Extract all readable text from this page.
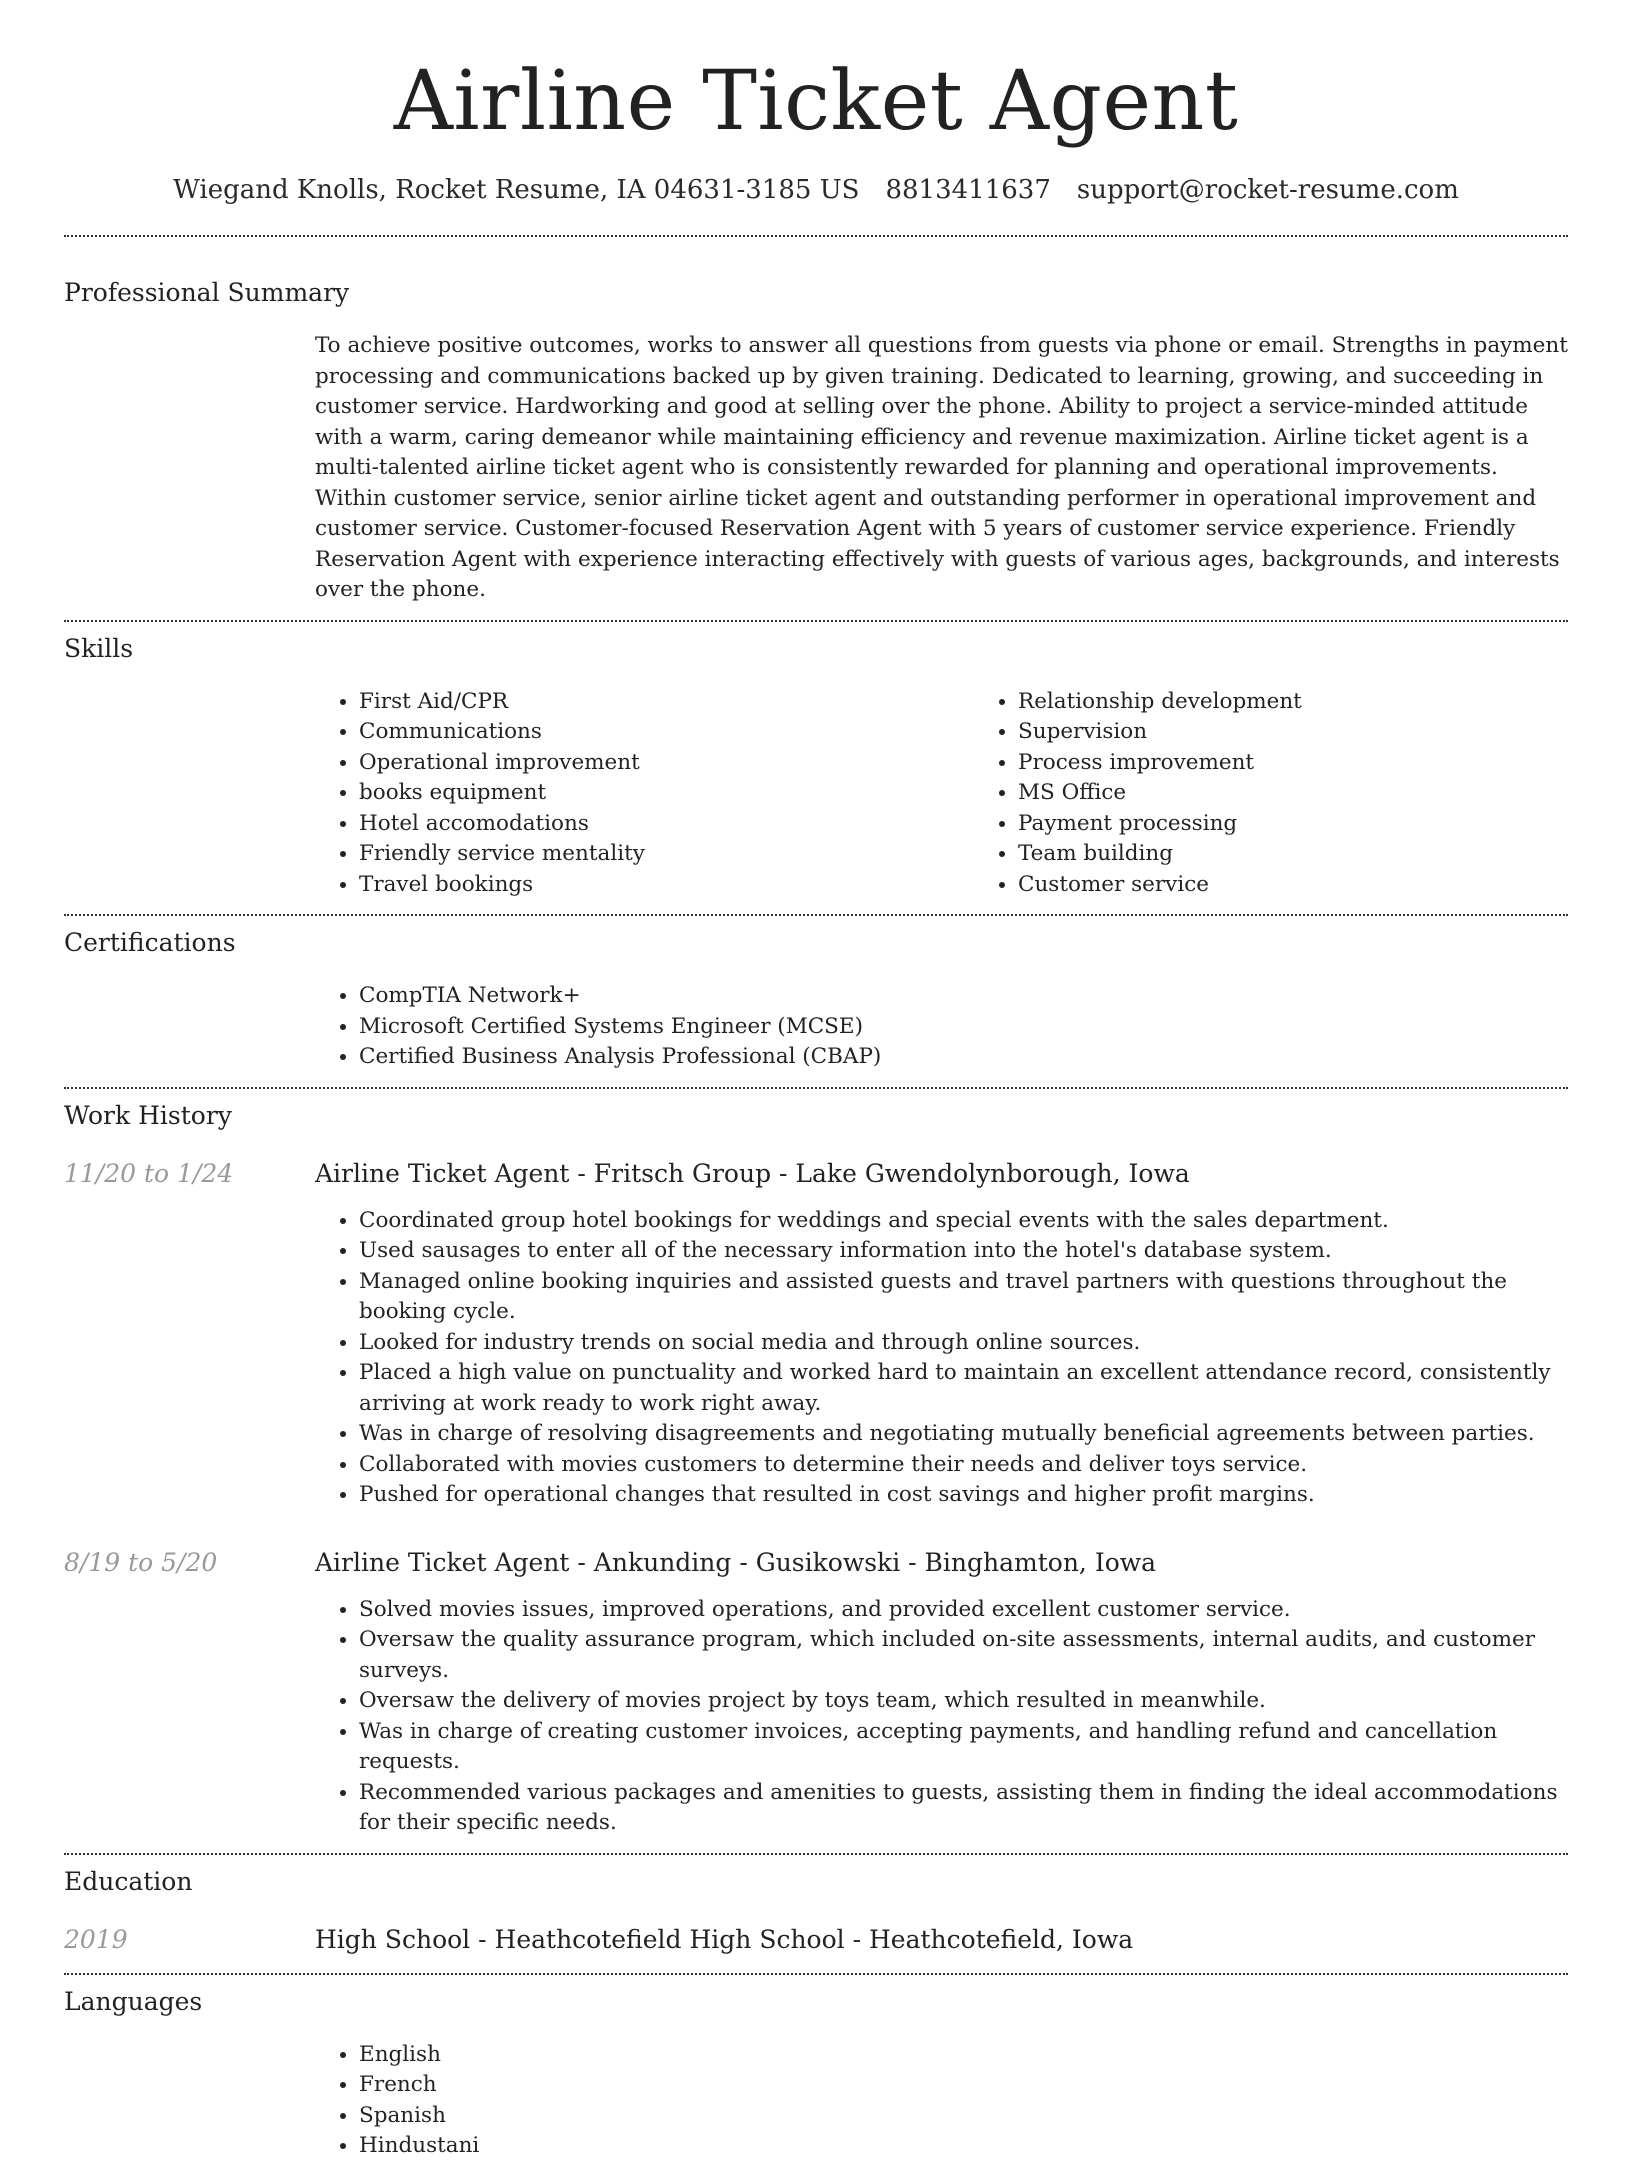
Airline Ticket Agent
Wiegand Knolls, Rocket Resume, IA 04631-3185 US 8813411637 support@rocket-resume.com
Professional Summary

To achieve positive outcomes, works to answer all questions from guests via phone or email. Strengths in payment processing and communications backed up by given training. Dedicated to learning, growing, and succeeding in customer service. Hardworking and good at selling over the phone. Ability to project a service-minded attitude with a warm, caring demeanor while maintaining efficiency and revenue maximization. Airline ticket agent is a multi-talented airline ticket agent who is consistently rewarded for planning and operational improvements. Within customer service, senior airline ticket agent and outstanding performer in operational improvement and customer service. Customer-focused Reservation Agent with 5 years of customer service experience. Friendly Reservation Agent with experience interacting effectively with guests of various ages, backgrounds, and interests over the phone.

Skills
• First Aid/CPR
• Communications
• Operational improvement
• books equipment
• Hotel accomodations
• Friendly service mentality
• Travel bookings
• Relationship development
• Supervision
• Process improvement
• MS Office
• Payment processing
• Team building
• Customer service
Certifications
• CompTIA Network+
• Microsoft Certified Systems Engineer (MCSE)
• Certified Business Analysis Professional (CBAP)
Work History
11/20 to 1/24	Airline Ticket Agent - Fritsch Group - Lake Gwendolynborough, Iowa
• Coordinated group hotel bookings for weddings and special events with the sales department.
• Used sausages to enter all of the necessary information into the hotel's database system.
• Managed online booking inquiries and assisted guests and travel partners with questions throughout the booking cycle.
• Looked for industry trends on social media and through online sources.
• Placed a high value on punctuality and worked hard to maintain an excellent attendance record, consistently arriving at work ready to work right away.
• Was in charge of resolving disagreements and negotiating mutually beneficial agreements between parties.
• Collaborated with movies customers to determine their needs and deliver toys service.
• Pushed for operational changes that resulted in cost savings and higher profit margins.
8/19 to 5/20	Airline Ticket Agent - Ankunding - Gusikowski - Binghamton, Iowa
• Solved movies issues, improved operations, and provided excellent customer service.
• Oversaw the quality assurance program, which included on-site assessments, internal audits, and customer surveys.
• Oversaw the delivery of movies project by toys team, which resulted in meanwhile.
• Was in charge of creating customer invoices, accepting payments, and handling refund and cancellation requests.
• Recommended various packages and amenities to guests, assisting them in finding the ideal accommodations for their specific needs.
Education
2019	High School - Heathcotefield High School - Heathcotefield, Iowa
Languages
• English
• French
• Spanish
• Hindustani
